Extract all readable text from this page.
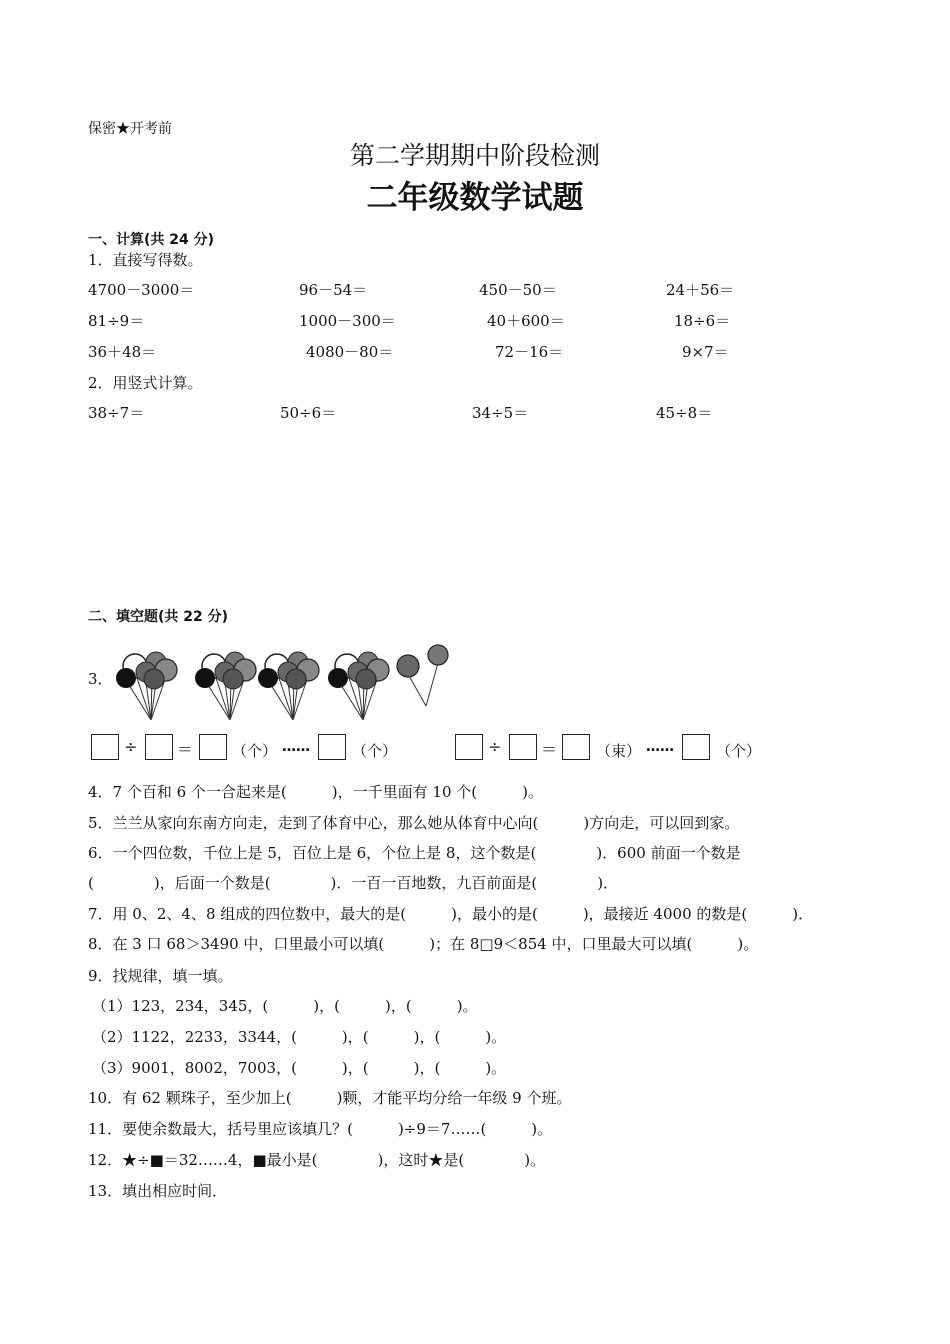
保密★开考前
第二学期期中阶段检测
二年级数学试题
一、计算(共 24 分)
1．直接写得数。
4700－3000＝	96－54＝	450－50＝	24＋56＝
81÷9＝	1000－300＝	40＋600＝	18÷6＝
36＋48＝	4080－80＝	72－16＝	9×7＝
2．用竖式计算。
38÷7＝	50÷6＝	34÷5＝	45÷8＝
二、填空题(共 22 分)
3．
÷ ＝	（个） ……	（个）	÷ ＝	（束） ……	（个）
4．7 个百和 6 个一合起来是(　　　)，一千里面有 10 个(　　　)。
5．兰兰从家向东南方向走，走到了体育中心，那么她从体育中心向(　　　)方向走，可以回到家。
6．一个四位数，千位上是 5，百位上是 6，个位上是 8，这个数是(　　　　)．600 前面一个数是
(　　　　)，后面一个数是(　　　　)．一百一百地数，九百前面是(　　　　)．
7．用 0、2、4、8 组成的四位数中，最大的是(　　　)，最小的是(　　　)，最接近 4000 的数是(　　　)．
8．在 3 口 68＞3490 中，口里最小可以填(　　　)；在 8□9＜854 中，口里最大可以填(　　　)。
9．找规律，填一填。
（1）123，234，345，(　　　)，(　　　)，(　　　)。
（2）1122，2233，3344，(　　　)，(　　　)，(　　　)。
（3）9001，8002，7003，(　　　)，(　　　)，(　　　)。
10．有 62 颗珠子，至少加上(　　　)颗，才能平均分给一年级 9 个班。
11．要使余数最大，括号里应该填几？(　　　)÷9＝7……(　　　)。
12．★÷■＝32……4，■最小是(　　　　)，这时★是(　　　　)。
13．填出相应时间．
